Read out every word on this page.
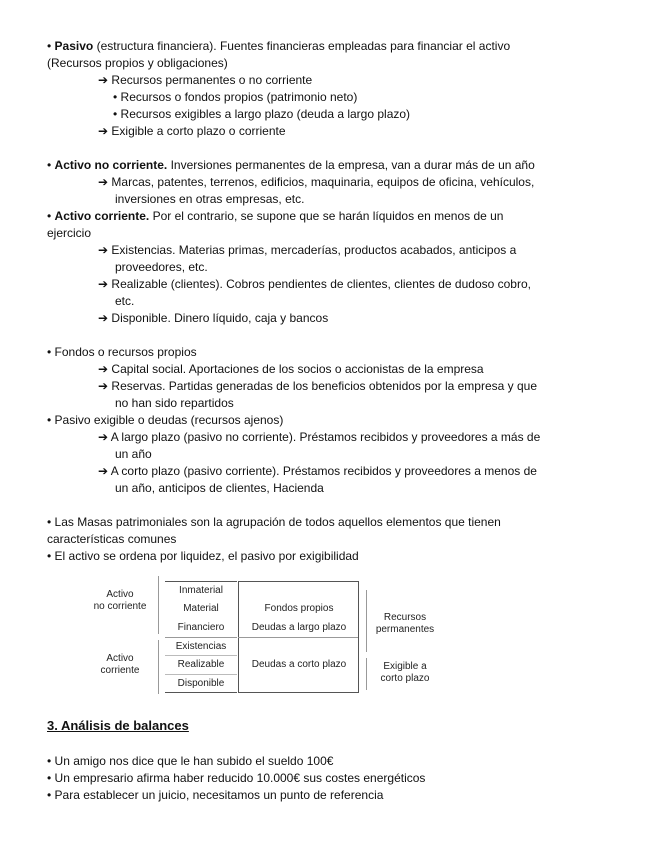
• Pasivo (estructura financiera). Fuentes financieras empleadas para financiar el activo
(Recursos propios y obligaciones)
➔ Recursos permanentes o no corriente
• Recursos o fondos propios (patrimonio neto)
• Recursos exigibles a largo plazo (deuda a largo plazo)
➔ Exigible a corto plazo o corriente
• Activo no corriente. Inversiones permanentes de la empresa, van a durar más de un año
➔ Marcas, patentes, terrenos, edificios, maquinaria, equipos de oficina, vehículos,
inversiones en otras empresas, etc.
• Activo corriente. Por el contrario, se supone que se harán líquidos en menos de un
ejercicio
➔ Existencias. Materias primas, mercaderías, productos acabados, anticipos a
proveedores, etc.
➔ Realizable (clientes). Cobros pendientes de clientes, clientes de dudoso cobro,
etc.
➔ Disponible. Dinero líquido, caja y bancos
• Fondos o recursos propios
➔ Capital social. Aportaciones de los socios o accionistas de la empresa
➔ Reservas. Partidas generadas de los beneficios obtenidos por la empresa y que
no han sido repartidos
• Pasivo exigible o deudas (recursos ajenos)
➔ A largo plazo (pasivo no corriente). Préstamos recibidos y proveedores a más de
un año
➔ A corto plazo (pasivo corriente). Préstamos recibidos y proveedores a menos de
un año, anticipos de clientes, Hacienda
• Las Masas patrimoniales son la agrupación de todos aquellos elementos que tienen
características comunes
• El activo se ordena por liquidez, el pasivo por exigibilidad
Activo
no corriente
Activo
corriente
Inmaterial
Material
Financiero
Existencias
Realizable
Disponible
Fondos propios
Deudas a largo plazo
Deudas a corto plazo
Recursos
permanentes
Exigible a
corto plazo
3. Análisis de balances
• Un amigo nos dice que le han subido el sueldo 100€
• Un empresario afirma haber reducido 10.000€ sus costes energéticos
• Para establecer un juicio, necesitamos un punto de referencia
